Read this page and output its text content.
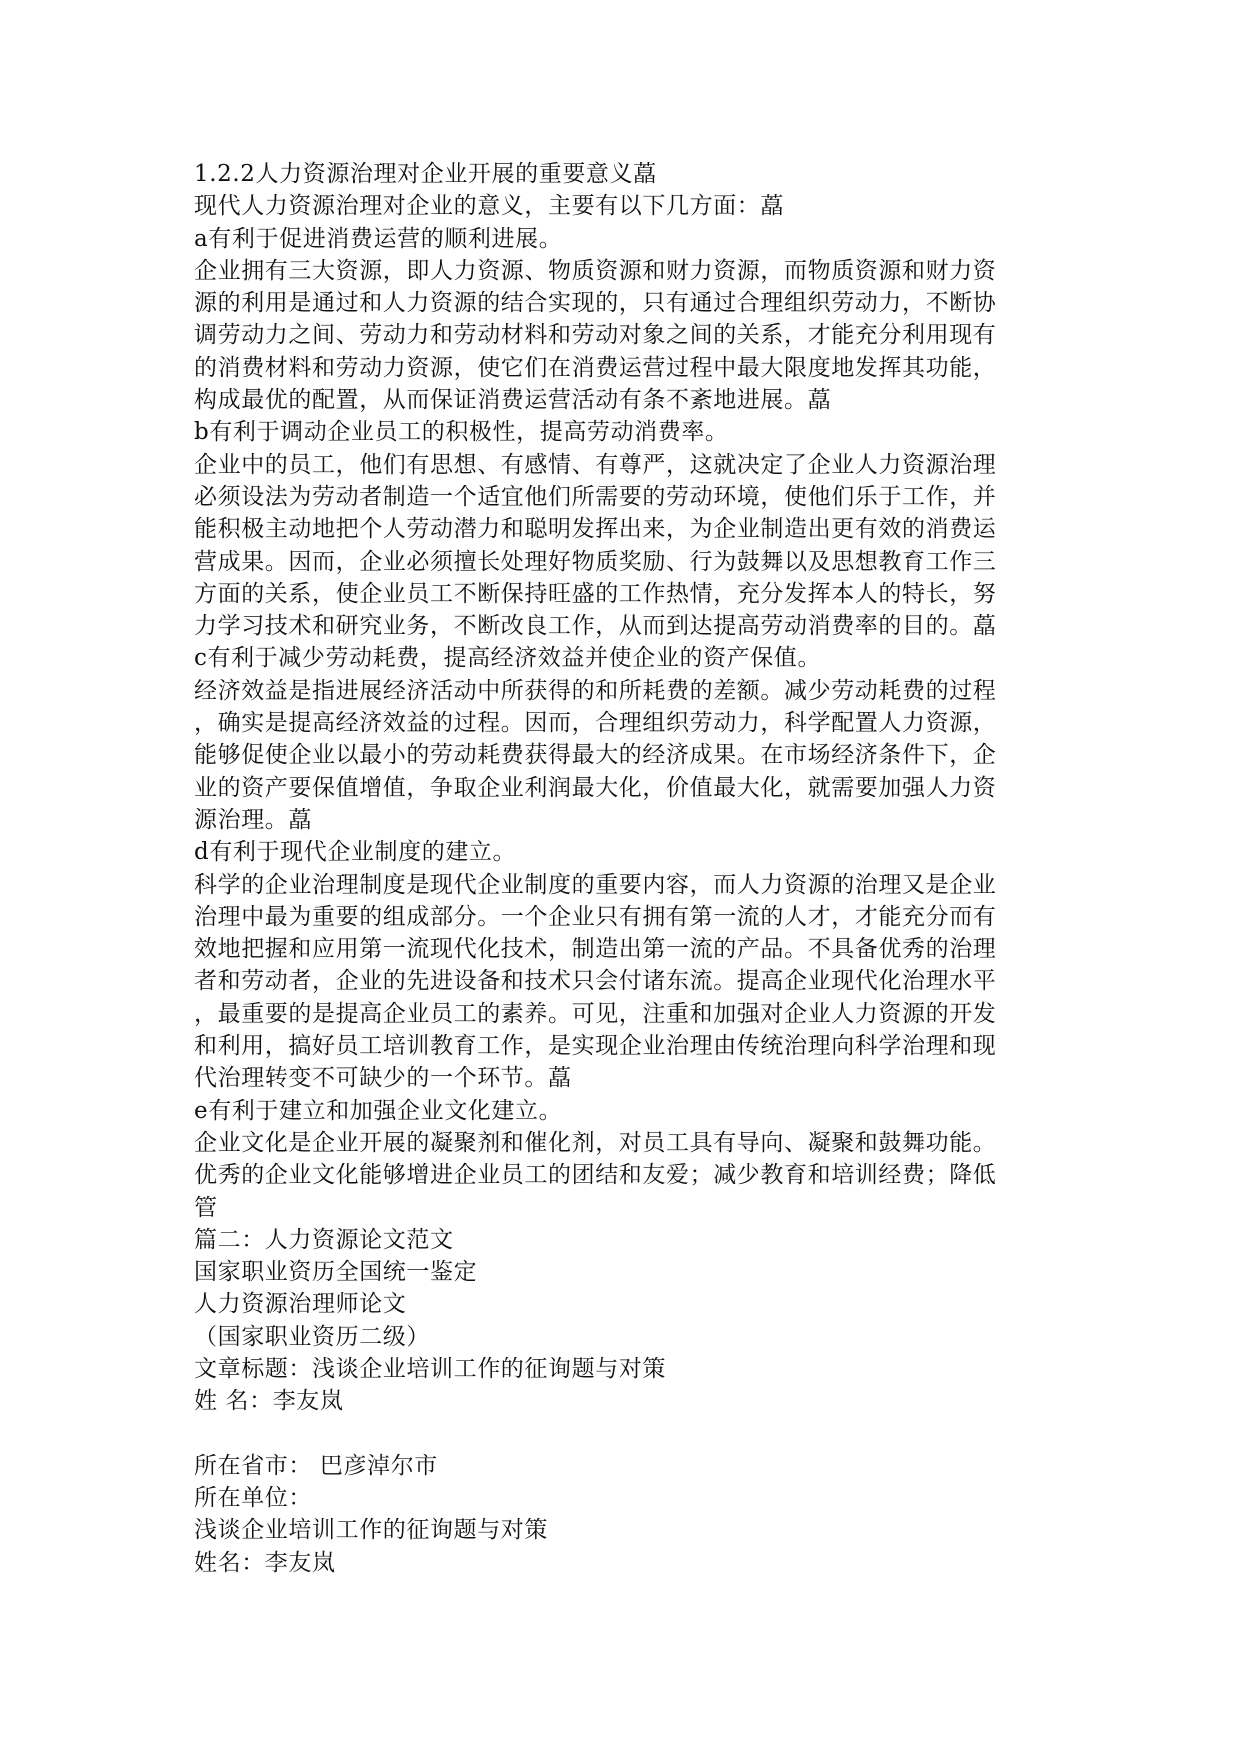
1.2.2人力资源治理对企业开展的重要意义藠

现代人力资源治理对企业的意义，主要有以下几方面：藠

a有利于促进消费运营的顺利进展。

企业拥有三大资源，即人力资源、物质资源和财力资源，而物质资源和财力资

源的利用是通过和人力资源的结合实现的，只有通过合理组织劳动力，不断协

调劳动力之间、劳动力和劳动材料和劳动对象之间的关系，才能充分利用现有

的消费材料和劳动力资源，使它们在消费运营过程中最大限度地发挥其功能，

构成最优的配置，从而保证消费运营活动有条不紊地进展。藠

b有利于调动企业员工的积极性，提高劳动消费率。

企业中的员工，他们有思想、有感情、有尊严，这就决定了企业人力资源治理

必须设法为劳动者制造一个适宜他们所需要的劳动环境，使他们乐于工作，并

能积极主动地把个人劳动潜力和聪明发挥出来，为企业制造出更有效的消费运

营成果。因而，企业必须擅长处理好物质奖励、行为鼓舞以及思想教育工作三

方面的关系，使企业员工不断保持旺盛的工作热情，充分发挥本人的特长，努

力学习技术和研究业务，不断改良工作，从而到达提高劳动消费率的目的。藠

c有利于减少劳动耗费，提高经济效益并使企业的资产保值。

经济效益是指进展经济活动中所获得的和所耗费的差额。减少劳动耗费的过程

，确实是提高经济效益的过程。因而，合理组织劳动力，科学配置人力资源，

能够促使企业以最小的劳动耗费获得最大的经济成果。在市场经济条件下，企

业的资产要保值增值，争取企业利润最大化，价值最大化，就需要加强人力资

源治理。藠

d有利于现代企业制度的建立。

科学的企业治理制度是现代企业制度的重要内容，而人力资源的治理又是企业

治理中最为重要的组成部分。一个企业只有拥有第一流的人才，才能充分而有

效地把握和应用第一流现代化技术，制造出第一流的产品。不具备优秀的治理

者和劳动者，企业的先进设备和技术只会付诸东流。提高企业现代化治理水平

，最重要的是提高企业员工的素养。可见，注重和加强对企业人力资源的开发

和利用，搞好员工培训教育工作，是实现企业治理由传统治理向科学治理和现

代治理转变不可缺少的一个环节。藠

e有利于建立和加强企业文化建立。

企业文化是企业开展的凝聚剂和催化剂，对员工具有导向、凝聚和鼓舞功能。

优秀的企业文化能够增进企业员工的团结和友爱；减少教育和培训经费；降低

管

篇二：人力资源论文范文

国家职业资历全国统一鉴定

人力资源治理师论文

（国家职业资历二级）

文章标题：浅谈企业培训工作的征询题与对策

姓 名：李友岚

所在省市： 巴彦淖尔市

所在单位：

浅谈企业培训工作的征询题与对策

姓名：李友岚
